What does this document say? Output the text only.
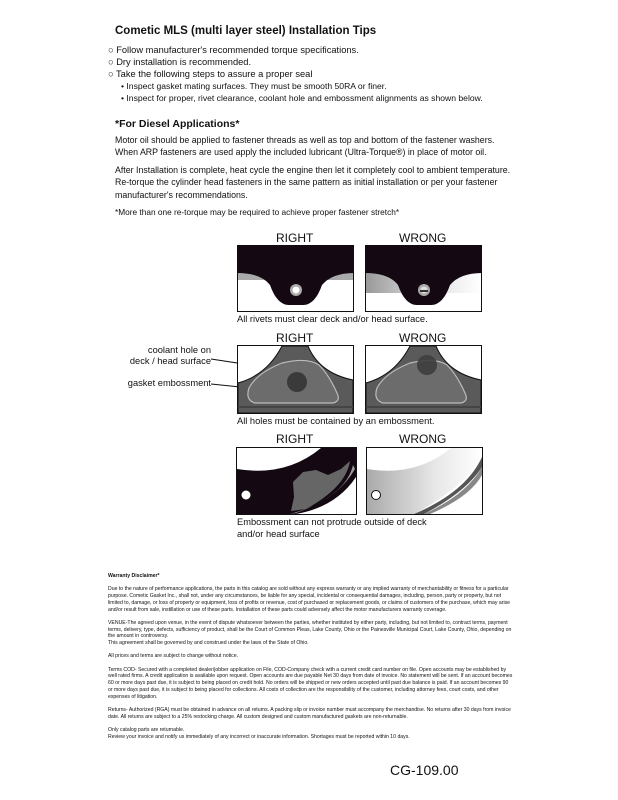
Cometic MLS (multi layer steel) Installation Tips
○ Follow manufacturer's recommended torque specifications.
○ Dry installation is recommended.
○ Take the following steps to assure a proper seal
• Inspect gasket mating surfaces. They must be smooth 50RA or finer.
• Inspect for proper, rivet clearance, coolant hole and embossment alignments as shown below.
*For Diesel Applications*
Motor oil should be applied to fastener threads as well as top and bottom of the fastener washers. When ARP fasteners are used apply the included lubricant (Ultra-Torque®) in place of motor oil.
After Installation is complete, heat cycle the engine then let it completely cool to ambient temperature. Re-torque the cylinder head fasteners in the same pattern as initial installation or per your fastener manufacturer's recommendations.
*More than one re-torque may be required to achieve proper fastener stretch*
RIGHT	WRONG
All rivets must clear deck and/or head surface.
RIGHT	WRONG
coolant hole on
deck / head surface
gasket embossment
All holes must be contained by an embossment.
RIGHT	WRONG
Embossment can not protrude outside of deck
and/or head surface

Warranty Disclaimer*

Due to the nature of performance applications, the parts in this catalog are sold without any express warranty or any implied warranty of merchantability or fitness for a particular purpose. Cometic Gasket Inc., shall not, under any circumstances, be liable for any special, incidental or consequential damages, including, person, party or property, but not limited to, damage, or loss of property or equipment, loss of profits or revenue, cost of purchased or replacement goods, or claims of customers of the purchase, which may arise and/or result from sale, instillation or use of these parts. Installation of these parts could adversely affect the motor manufacturers warranty coverage.

VENUE-The agreed upon venue, in the event of dispute whatsoever between the parties, whether instituted by either party, including, but not limited to, contract terms, payment terms, delivery, type, defects, sufficiency of product, shall be the Court of Common Pleas, Lake County, Ohio or the Painesville Municipal Court, Lake County, Ohio, depending on the amount in controversy.
This agreement shall be governed by and construed under the laws of the State of Ohio.

All prices and terms are subject to change without notice.

Terms COD- Secured with a completed dealer/jobber application on File, COD-Company check with a current credit card number on file. Open accounts may be established by well rated firms. A credit application is available upon request. Open accounts are due payable Net 30 days from date of invoice. No statement will be sent. If an account becomes 60 or more days past due, it is subject to being placed on credit hold. No orders will be shipped or new orders accepted until past due balance is paid. If an account becomes 90 or more days past due, it is subject to being placed for collections. All costs of collection are the responsibility of the customer, including attorney fees, court costs, and other expenses of litigation.

Returns- Authorized (RGA) must be obtained in advance on all returns. A packing slip or invoice number must accompany the merchandise. No returns after 30 days from invoice date. All returns are subject to a 25% restocking charge. All custom designed and custom manufactured gaskets are non-returnable.

Only catalog parts are returnable.
Review your invoice and notify us immediately of any incorrect or inaccurate information. Shortages must be reported within 10 days.

CG-109.00
